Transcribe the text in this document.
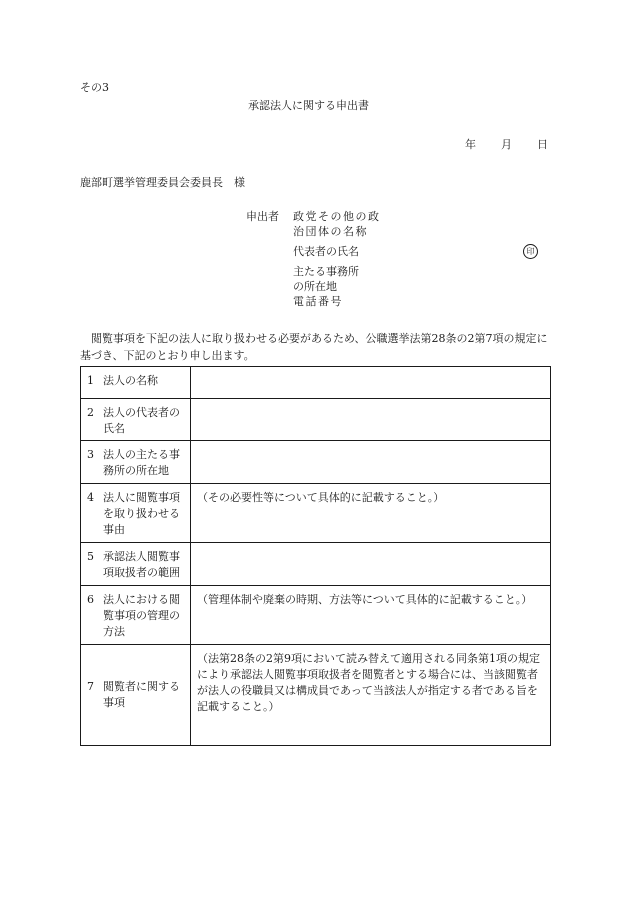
その3
承認法人に関する申出書
年 月 日
鹿部町選挙管理委員会委員長　様
申出者 政党その他の政
治団体の名称
代表者の氏名	印
主たる事務所
の所在地
電話番号
閲覧事項を下記の法人に取り扱わせる必要があるため、公職選挙法第28条の2第7項の規定に基づき、下記のとおり申し出ます。
1 法人の名称	

2 法人の代表者の氏名	

3 法人の主たる事務所の所在地	

4 法人に閲覧事項を取り扱わせる事由	（その必要性等について具体的に記載すること。）

5 承認法人閲覧事項取扱者の範囲	

6 法人における閲覧事項の管理の方法	（管理体制や廃棄の時期、方法等について具体的に記載すること。）

7 閲覧者に関する事項	（法第28条の2第9項において読み替えて適用される同条第1項の規定により承認法人閲覧事項取扱者を閲覧者とする場合には、当該閲覧者が法人の役職員又は構成員であって当該法人が指定する者である旨を記載すること。）
